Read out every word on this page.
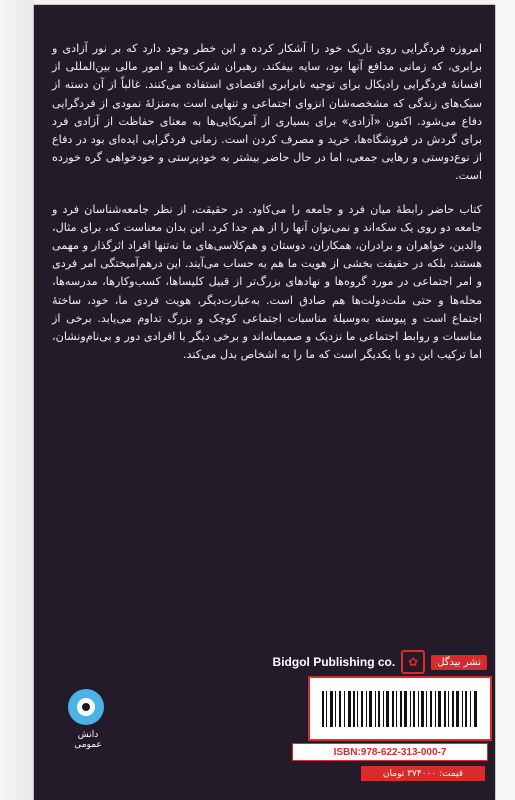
امروزه فردگرایی روی تاریک خود را آشکار کرده و این خطر وجود دارد که بر نور آزادی و برابری، که زمانی مدافع آنها بود، سایه بیفکند. رهبران شرکت‌ها و امور مالی بین‌المللی از افسانهٔ فردگرایی رادیکال برای توجیه نابرابری اقتصادی استفاده می‌کنند. غالباً از آن دسته از سبک‌های زندگی که مشخصه‌شان انزوای اجتماعی و تنهایی است به‌منزلهٔ نمودی از فردگرایی دفاع می‌شود. اکنون «آزادی» برای بسیاری از آمریکایی‌ها به معنای حفاظت از آزادی فرد برای گردش در فروشگاه‌ها، خرید و مصرف کردن است. زمانی فردگرایی ایده‌ای بود در دفاع از نوع‌دوستی و رهایی جمعی، اما در حال حاضر بیشتر به خودپرستی و خودخواهی گره خورده است.

کتاب حاضر رابطهٔ میان فرد و جامعه را می‌کاود. در حقیقت، از نظر جامعه‌شناسان فرد و جامعه دو روی یک سکه‌اند و نمی‌توان آنها را از هم جدا کرد. این بدان معناست که، برای مثال، والدین، خواهران و برادران، همکاران، دوستان و هم‌کلاسی‌های ما نه‌تنها افراد اثرگذار و مهمی هستند، بلکه در حقیقت بخشی از هویت ما هم به حساب می‌آیند. این درهم‌آمیختگی امر فردی و امر اجتماعی در مورد گروه‌ها و نهادهای بزرگ‌تر از قبیل کلیساها، کسب‌وکارها، مدرسه‌ها، محله‌ها و حتی ملت‌دولت‌ها هم صادق است. به‌عبارت‌دیگر، هویت فردی ما، خود، ساختهٔ اجتماع است و پیوسته به‌وسیلهٔ مناسبات اجتماعی کوچک و بزرگ تداوم می‌یابد. برخی از مناسبات و روابط اجتماعی ما نزدیک و صمیمانه‌اند و برخی دیگر با افرادی دور و بی‌نام‌ونشان، اما ترکیب این دو با یکدیگر است که ما را به اشخاص بدل می‌کند.

Bidgol Publishing co.	✿	نشر بیدگل
ISBN:978-622-313-000-7
قیمت: ۳۷۴۰۰۰ تومان
دانش عمومی
